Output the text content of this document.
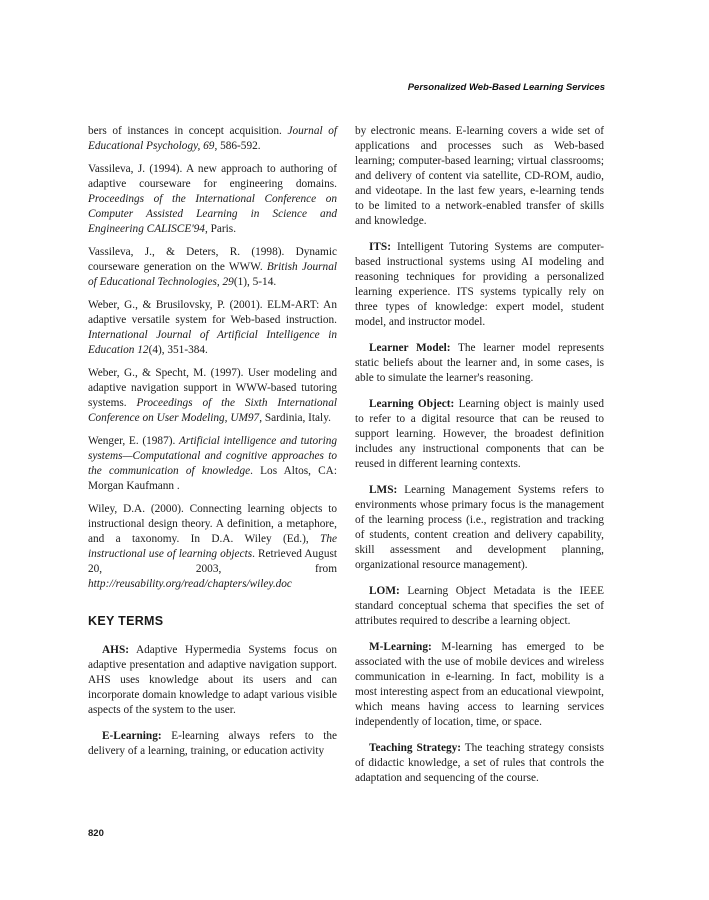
Personalized Web-Based Learning Services

bers of instances in concept acquisition. Journal of Educational Psychology, 69, 586-592.

Vassileva, J. (1994). A new approach to authoring of adaptive courseware for engineering domains. Proceedings of the International Conference on Computer Assisted Learning in Science and Engineering CALISCE'94, Paris.

Vassileva, J., & Deters, R. (1998). Dynamic courseware generation on the WWW. British Journal of Educational Technologies, 29(1), 5-14.

Weber, G., & Brusilovsky, P. (2001). ELM-ART: An adaptive versatile system for Web-based instruction. International Journal of Artificial Intelligence in Education 12(4), 351-384.

Weber, G., & Specht, M. (1997). User modeling and adaptive navigation support in WWW-based tutoring systems. Proceedings of the Sixth International Conference on User Modeling, UM97, Sardinia, Italy.

Wenger, E. (1987). Artificial intelligence and tutoring systems—Computational and cognitive approaches to the communication of knowledge. Los Altos, CA: Morgan Kaufmann .

Wiley, D.A. (2000). Connecting learning objects to instructional design theory. A definition, a metaphore, and a taxonomy. In D.A. Wiley (Ed.), The instructional use of learning objects. Retrieved August 20, 2003, from http://reusability.org/read/chapters/wiley.doc

KEY TERMS

AHS: Adaptive Hypermedia Systems focus on adaptive presentation and adaptive navigation support. AHS uses knowledge about its users and can incorporate domain knowledge to adapt various visible aspects of the system to the user.

E-Learning: E-learning always refers to the delivery of a learning, training, or education activity

by electronic means. E-learning covers a wide set of applications and processes such as Web-based learning; computer-based learning; virtual classrooms; and delivery of content via satellite, CD-ROM, audio, and videotape. In the last few years, e-learning tends to be limited to a network-enabled transfer of skills and knowledge.

ITS: Intelligent Tutoring Systems are computer-based instructional systems using AI modeling and reasoning techniques for providing a personalized learning experience. ITS systems typically rely on three types of knowledge: expert model, student model, and instructor model.

Learner Model: The learner model represents static beliefs about the learner and, in some cases, is able to simulate the learner's reasoning.

Learning Object: Learning object is mainly used to refer to a digital resource that can be reused to support learning. However, the broadest definition includes any instructional components that can be reused in different learning contexts.

LMS: Learning Management Systems refers to environments whose primary focus is the management of the learning process (i.e., registration and tracking of students, content creation and delivery capability, skill assessment and development planning, organizational resource management).

LOM: Learning Object Metadata is the IEEE standard conceptual schema that specifies the set of attributes required to describe a learning object.

M-Learning: M-learning has emerged to be associated with the use of mobile devices and wireless communication in e-learning. In fact, mobility is a most interesting aspect from an educational viewpoint, which means having access to learning services independently of location, time, or space.

Teaching Strategy: The teaching strategy consists of didactic knowledge, a set of rules that controls the adaptation and sequencing of the course.

820
